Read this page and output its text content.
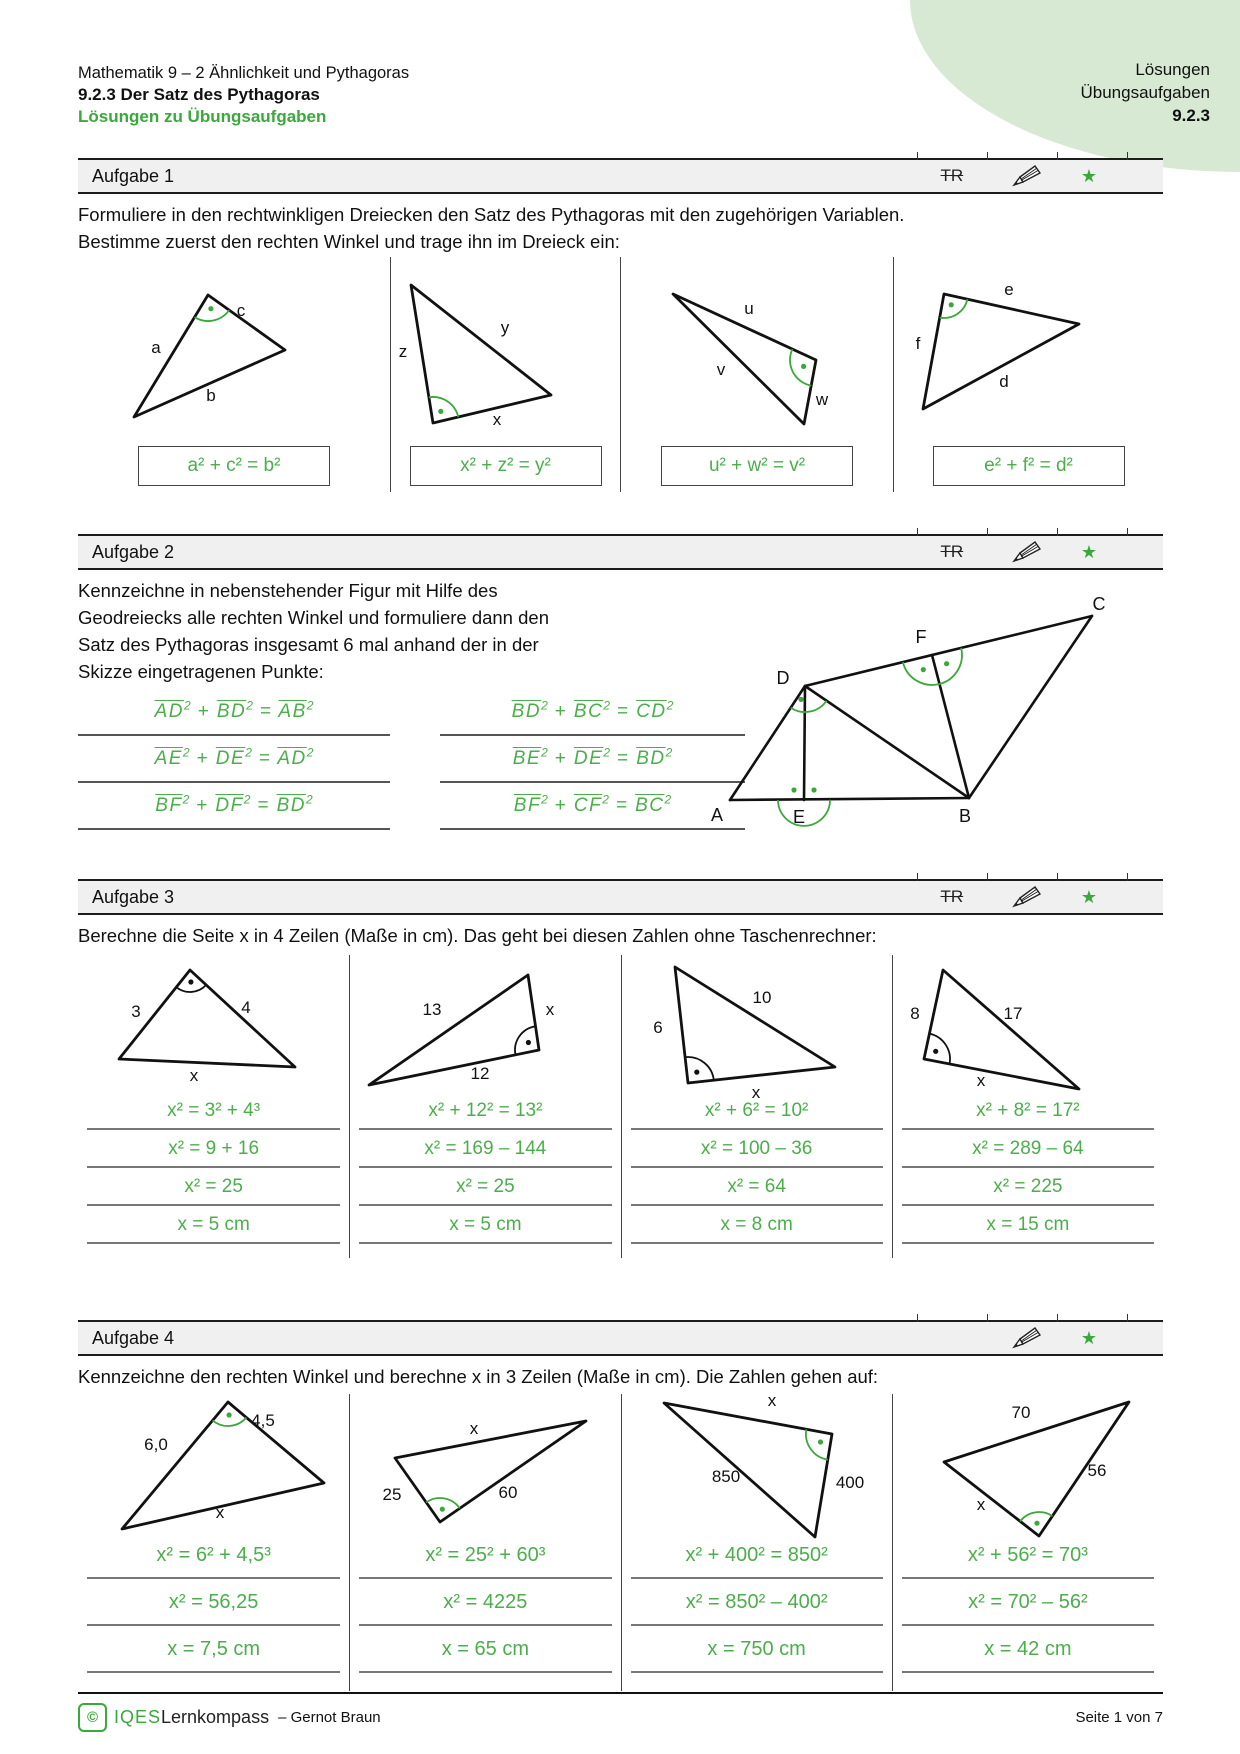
Lösungen
Übungsaufgaben
9.2.3
Mathematik 9 – 2 Ähnlichkeit und Pythagoras
9.2.3 Der Satz des Pythagoras
Lösungen zu Übungsaufgaben
Aufgabe 1	TR	★
Formuliere in den rechtwinkligen Dreiecken den Satz des Pythagoras mit den zugehörigen Variablen.
Bestimme zuerst den rechten Winkel und trage ihn im Dreieck ein:
a
c
b
a² + c² = b²
z
y
x
x² + z² = y²
u
v
w
u² + w² = v²
e
f
d
e² + f² = d²
Aufgabe 2	TR	★
Kennzeichne in nebenstehender Figur mit Hilfe des
Geodreiecks alle rechten Winkel und formuliere dann den
Satz des Pythagoras insgesamt 6 mal anhand der in der
Skizze eingetragenen Punkte:
$\overline{AD}^2 + \overline{BD}^2 = \overline{AB}^2$	$\overline{BD}^2 + \overline{BC}^2 = \overline{CD}^2$
$\overline{AE}^2 + \overline{DE}^2 = \overline{AD}^2$	$\overline{BE}^2 + \overline{DE}^2 = \overline{BD}^2$
$\overline{BF}^2 + \overline{DF}^2 = \overline{BD}^2$	$\overline{BF}^2 + \overline{CF}^2 = \overline{BC}^2$
A	E	B
D
F
C
Aufgabe 3	TR	★
Berechne die Seite x in 4 Zeilen (Maße in cm). Das geht bei diesen Zahlen ohne Taschenrechner:
3	4
x
x² = 3² + 4³
x² = 9 + 16
x² = 25
x = 5 cm
13	x
12
x² + 12² = 13²
x² = 169 – 144
x² = 25
x = 5 cm
6
10
x
x² + 6² = 10²
x² = 100 – 36
x² = 64
x = 8 cm
8	17
x
x² + 8² = 17²
x² = 289 – 64
x² = 225
x = 15 cm
Aufgabe 4	★
Kennzeichne den rechten Winkel und berechne x in 3 Zeilen (Maße in cm). Die Zahlen gehen auf:
6,0
4,5
x
x² = 6² + 4,5³
x² = 56,25
x = 7,5 cm
x
25	60
x² = 25² + 60³
x² = 4225
x = 65 cm
x
850	400
x² + 400² = 850²
x² = 850² – 400²
x = 750 cm
70
56
x
x² + 56² = 70³
x² = 70² – 56²
x = 42 cm
© IQES Lernkompass – Gernot Braun	Seite 1 von 7
